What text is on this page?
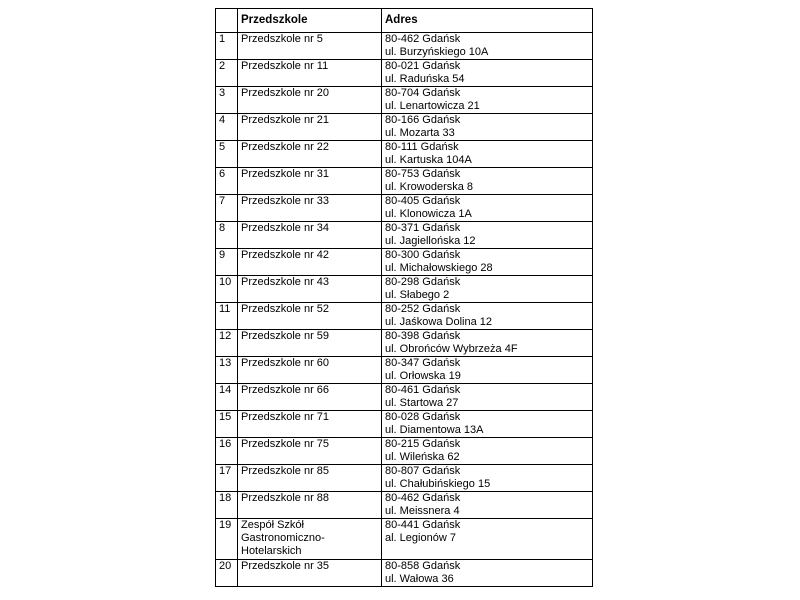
	Przedszkole	Adres
1	Przedszkole nr 5	80-462 Gdańsk
ul. Burzyńskiego 10A

2	Przedszkole nr 11	80-021 Gdańsk
ul. Raduńska 54

3	Przedszkole nr 20	80-704 Gdańsk
ul. Lenartowicza 21

4	Przedszkole nr 21	80-166 Gdańsk
ul. Mozarta 33

5	Przedszkole nr 22	80-111 Gdańsk
ul. Kartuska 104A

6	Przedszkole nr 31	80-753 Gdańsk
ul. Krowoderska 8

7	Przedszkole nr 33	80-405 Gdańsk
ul. Klonowicza 1A

8	Przedszkole nr 34	80-371 Gdańsk
ul. Jagiellońska 12

9	Przedszkole nr 42	80-300 Gdańsk
ul. Michałowskiego 28

10	Przedszkole nr 43	80-298 Gdańsk
ul. Słabego 2

11	Przedszkole nr 52	80-252 Gdańsk
ul. Jaśkowa Dolina 12

12	Przedszkole nr 59	80-398 Gdańsk
ul. Obrońców Wybrzeża 4F

13	Przedszkole nr 60	80-347 Gdańsk
ul. Orłowska 19

14	Przedszkole nr 66	80-461 Gdańsk
ul. Startowa 27

15	Przedszkole nr 71	80-028 Gdańsk
ul. Diamentowa 13A

16	Przedszkole nr 75	80-215 Gdańsk
ul. Wileńska 62

17	Przedszkole nr 85	80-807 Gdańsk
ul. Chałubińskiego 15

18	Przedszkole nr 88	80-462 Gdańsk
ul. Meissnera 4

19	Zespół Szkół
Gastronomiczno-
Hotelarskich	80-441 Gdańsk
al. Legionów 7

20	Przedszkole nr 35	80-858 Gdańsk
ul. Wałowa 36
